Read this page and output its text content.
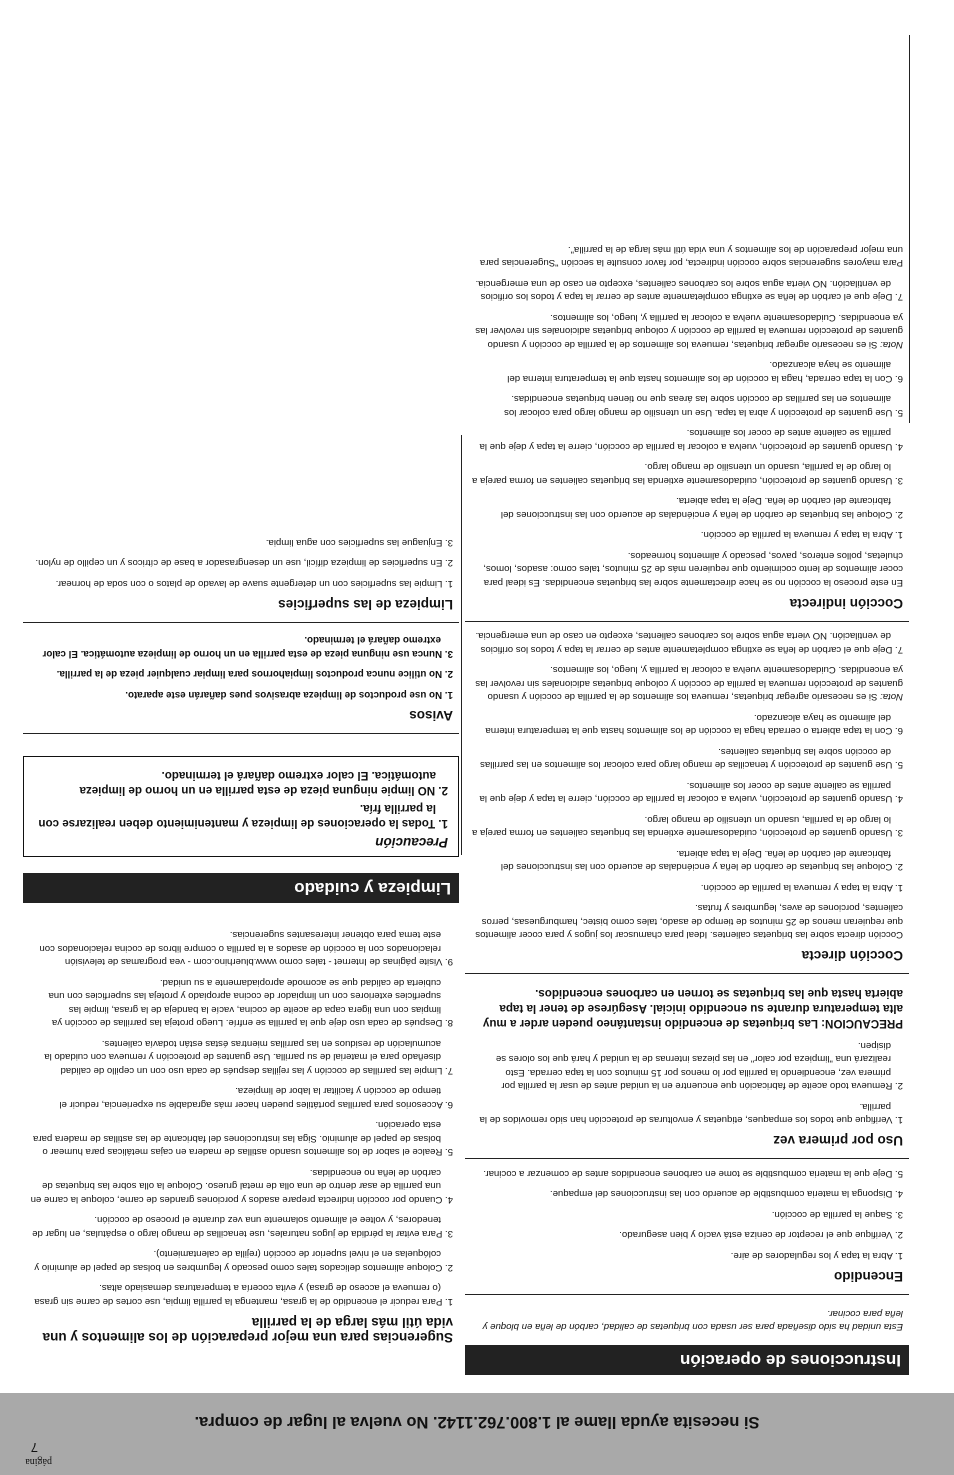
página
7
Si necesita ayuda llame al 1.800.762.1142. No vuelva al lugar de compra.
Instrucciones de operación
Esta unidad ha sido diseñada para ser usada con briquetas de calidad, carbón de leña en bloque y leña para cocinar.
Encendido
1. Abra la tapa y los reguladores de aire.
2. Verifique que el receptor de ceniza está vacío y bien asegurado.
3. Saque la parrilla de cocción.
4. Disponga la materia combustible de acuerdo con las instrucciones del empaque.
5. Deje que la materia combustible se tome en carbones encendidos antes de comenzar a cocinar.
Uso por primera vez
1. Verifique que todos los empaques, etiquetas y envolturas de protección han sido removidos de la parrilla.
2. Remueva todo aceite de fabricación que encuentre en la unidad antes de usar la parrilla por primera vez, encendiendo la parrilla por lo menos por 15 minutos con la tapa cerrada. Esto realizará una "limpieza por calor" en las piezas internas de la unidad y hará que los olores se disipen.
PRECAUCION: Las briquetas de encendido instantáneo pueden arder a muy alta temperatura durante su encendido inicial. Asegúrese de tener la tapa abierta hasta que las briquetas se tornen en carbones encendidos.
Cocción directa
Cocción directa sobre las briquetas calientes. Ideal para chamuscar los jugos y para cocer alimentos que requieran menos de 25 minutos de tiempo de asado, tales como bistec, hamburguesas, perros calientes, porciones de aves, legumbres y frutas.
1. Abra la tapa y remueva la parrilla de cocción.
2. Coloque las briquetas de carbón de leña y enciéndalas de acuerdo con las instrucciones del fabricante del carbón de leña. Deje la tapa abierta.
3. Usando guantes de protección, cuidadosamente extienda las briquetas calientes en forma pareja a lo largo de la parrilla, usando un utensilio de mango largo.
4. Usando guantes de protección, vuelva a colocar la parrilla de cocción, cierre la tapa y deje que la parrilla se caliente antes de cocer los alimentos.
5. Use guantes de protección y tenacillas de mango largo para colocar los alimentos en las parrillas de cocción sobre las briquetas calientes.
6. Con la tapa abierta o cerrada haga la cocción de los alimentos hasta que la temperatura interna del alimento se haya alcanzado.
Nota: Si es necesario agregar briquetas, remueva los alimentos de la parrilla de cocción y usando guantes de protección remueva la parrilla de cocción y coloque briquetas adicionales sin revolver las ya encendidas. Cuidadosamente vuelva a colocar la parrilla y, luego, los alimentos.
7. Deje que el carbón de leña se extinga completamente antes de cerrar la tapa y todos los orificios de ventilación. NO vierta agua sobre los carbones calientes, excepto en caso de una emergencia.
Cocción indirecta
En este proceso la cocción no se hace directamente sobre las briquetas encendidas. Es ideal para cocer alimentos de lento cocimiento que requieren más de 25 minutos, tales como: asados, lomos, chuletas, pollos enteros, pavos, pescado y alimentos horneados.
1. Abra la tapa y remueva la parrilla de cocción.
2. Coloque las briquetas de carbón de leña y enciéndalas de acuerdo con las instrucciones del fabricante del carbón de leña. Deje la tapa abierta.
3. Usando guantes de protección, cuidadosamente extienda las briquetas calientes en forma pareja a lo largo de la parrilla, usando un utensilio de mango largo.
4. Usando guantes de protección, vuelva a colocar la parrilla de cocción, cierre la tapa y deje que la parrilla se caliente antes de cocer los alimentos.
5. Use guantes de protección y abra la tapa. Use un utensilio de mango largo para colocar los alimentos en las parrillas de cocción sobre las áreas que no tienen briquetas encendidas.
6. Con la tapa cerrada, haga la cocción de los alimentos hasta que la temperatura interna del alimento se haya alcanzado.
Nota: Si es necesario agregar briquetas, remueva los alimentos de la parrilla de cocción y usando guantes de protección remueva la parrilla de cocción y coloque briquetas adicionales sin revolver las ya encendidas. Cuidadosamente vuelva a colocar la parrilla y, luego, los alimentos.
7. Deje que el carbón de leña se extinga completamente antes de cerrar la tapa y todos los orificios de ventilación. NO vierta agua sobre los carbones calientes, excepto en caso de una emergencia.
Para mayores sugerencias sobre cocción indirecta, por favor consulte la sección "Sugerencias para una mejor preparación de los alimentos y una vida útil más larga de la parrilla".
Sugerencias para una mejor preparación de los alimentos y una vida útil más larga de la parrilla
1. Para reducir el encendido de la grasa, mantenga la parrilla limpia, use cortes de carne sin grasa (o remueva el acceso de grasa) y evita cocería a temperaturas demasiado altas.
2. Coloque alimentos delicados tales como pescado y legumbres en bolsas de papel de aluminio y colóquelas en el nivel superior de cocción (rejilla de calentamiento).
3. Para evitar la pérdida de jugos naturales, use tenacillas de mango largo o espátulas, en lugar de tenedores, y voltee el alimento solamente una vez durante el proceso de cocción.
4. Cuando por cocción indirecta prepare asados y porciones grandes de carne, coloque la carne en una parrilla de asar dentro de una olla de metal grueso. Coloque la olla sobre las briquetas de carbón de leña no encendidas.
5. Realce el sabor de los alimentos usando astillas de madera en cajas metálicas para humear o bolsas de papel de aluminio. Siga las instrucciones del fabricante de las astillas de madera para esta operación.
6. Accesorios para parrillas portátiles pueden hacer más agradable su experiencia, reducir el tiempo de cocción y facilitar la labor de limpieza.
7. Limpie las parrillas de cocción y las rejillas después de cada uso con un cepillo de calidad diseñado para el material de su parrilla. Use guantes de protección y remueva con cuidado la acumulación de residuos en las parrillas mientras éstas están todavía calientes.
8. Después de cada uso deje que la parrilla se enfríe. Luego proteja las parrillas de cocción ya limpias con una ligera capa de aceite de cocina, vacíe la bandeja de la grasa, limpie las superficies exteriores con un limpiador de cocina apropiado y proteja las superficies con una cubierta de calidad que se acomode apropiadamente a su unidad.
9. Visite páginas de Internet - tales como www.bluerhino.com - vea programas de televisión relacionados con la cocción de asados a la parrilla o compre libros de cocina relacionados con este tema para obtener interesantes sugerencias.
Limpieza y cuidado
Precaución
1. Todas la operaciones de limpieza y mantenimiento deben realizarse con la parrilla fría.
2. NO limpie ninguna pieza de esta parrilla en un horno de limpieza automática. El calor extremo dañará el terminado.
Avisos
1. No use productos de limpieza abrasivos pues dañarán este aparato.
2. No utilice nunca productos limpiahornos para limpiar cualquier pieza de la parrilla.
3. Nunca use ninguna pieza de esta parrilla en un horno de limpieza automática. El calor extremo dañará el terminado.
Limpieza de las superficies
1. Limpie las superficies con un detergente suave de lavado de platos o con soda de hornear.
2. En superficies de limpieza difícil, use un desengrasador a base de cítricos y un cepillo de nylon.
3. Enjuague las superficies con agua limpia.
